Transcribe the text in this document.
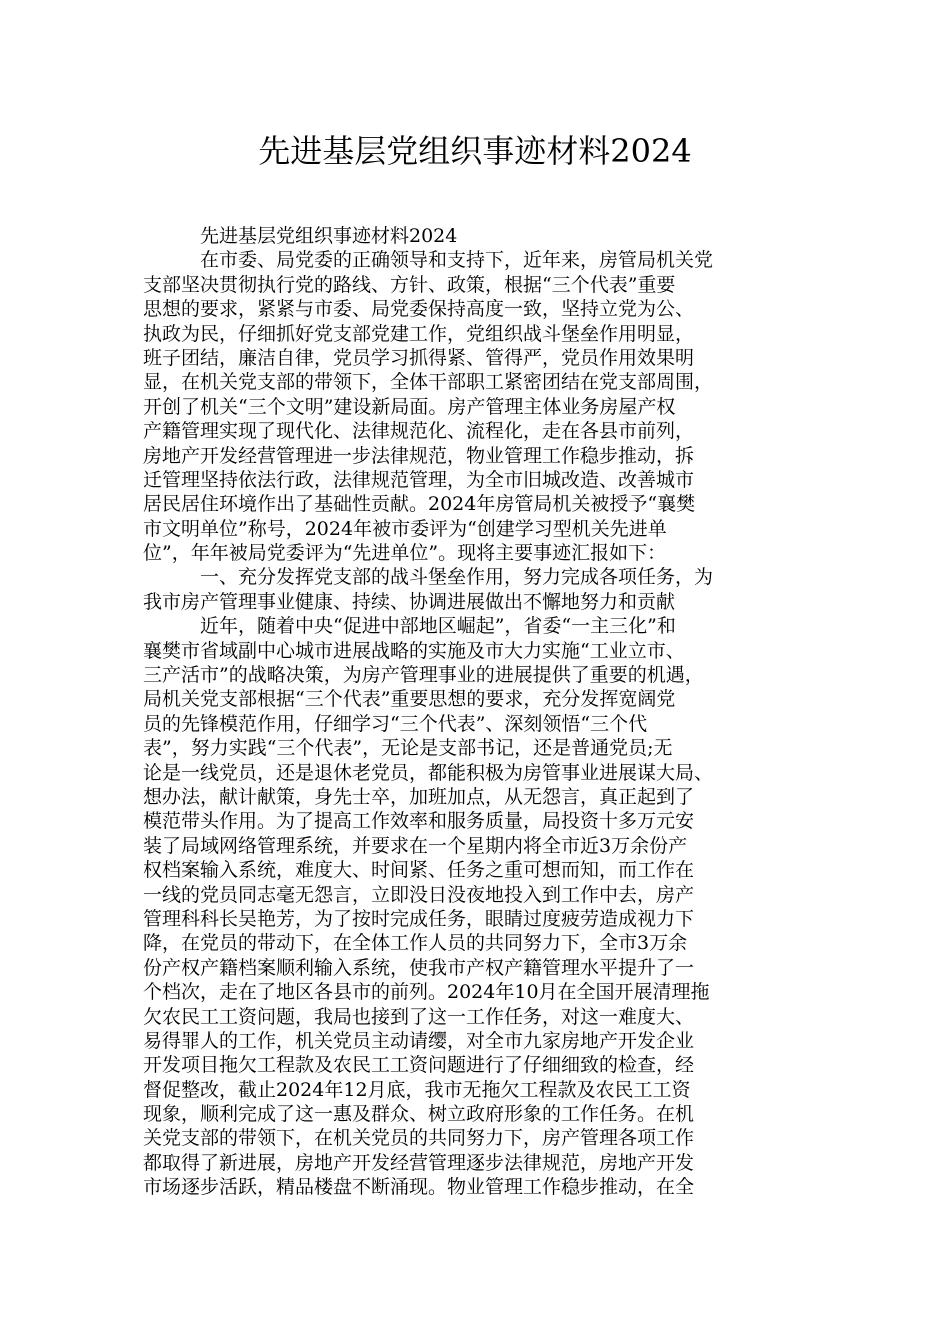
先进基层党组织事迹材料2024
先进基层党组织事迹材料2024
在市委、局党委的正确领导和支持下，近年来，房管局机关党
支部坚决贯彻执行党的路线、方针、政策，根据“三个代表”重要
思想的要求，紧紧与市委、局党委保持高度一致，坚持立党为公、
执政为民，仔细抓好党支部党建工作，党组织战斗堡垒作用明显，
班子团结，廉洁自律，党员学习抓得紧、管得严，党员作用效果明
显，在机关党支部的带领下，全体干部职工紧密团结在党支部周围，
开创了机关“三个文明”建设新局面。房产管理主体业务房屋产权
产籍管理实现了现代化、法律规范化、流程化，走在各县市前列，
房地产开发经营管理进一步法律规范，物业管理工作稳步推动，拆
迁管理坚持依法行政，法律规范管理，为全市旧城改造、改善城市
居民居住环境作出了基础性贡献。2024年房管局机关被授予“襄樊
市文明单位”称号，2024年被市委评为“创建学习型机关先进单
位”，年年被局党委评为“先进单位”。现将主要事迹汇报如下：
一、充分发挥党支部的战斗堡垒作用，努力完成各项任务，为
我市房产管理事业健康、持续、协调进展做出不懈地努力和贡献
近年，随着中央“促进中部地区崛起”，省委“一主三化”和
襄樊市省域副中心城市进展战略的实施及市大力实施“工业立市、
三产活市”的战略决策，为房产管理事业的进展提供了重要的机遇，
局机关党支部根据“三个代表”重要思想的要求，充分发挥宽阔党
员的先锋模范作用，仔细学习“三个代表”、深刻领悟“三个代
表”，努力实践“三个代表”，无论是支部书记，还是普通党员;无
论是一线党员，还是退休老党员，都能积极为房管事业进展谋大局、
想办法，献计献策，身先士卒，加班加点，从无怨言，真正起到了
模范带头作用。为了提高工作效率和服务质量，局投资十多万元安
装了局域网络管理系统，并要求在一个星期内将全市近3万余份产
权档案输入系统，难度大、时间紧、任务之重可想而知，而工作在
一线的党员同志毫无怨言，立即没日没夜地投入到工作中去，房产
管理科科长吴艳芳，为了按时完成任务，眼睛过度疲劳造成视力下
降，在党员的带动下，在全体工作人员的共同努力下，全市3万余
份产权产籍档案顺利输入系统，使我市产权产籍管理水平提升了一
个档次，走在了地区各县市的前列。2024年10月在全国开展清理拖
欠农民工工资问题，我局也接到了这一工作任务，对这一难度大、
易得罪人的工作，机关党员主动请缨，对全市九家房地产开发企业
开发项目拖欠工程款及农民工工资问题进行了仔细细致的检查，经
督促整改，截止2024年12月底，我市无拖欠工程款及农民工工资
现象，顺利完成了这一惠及群众、树立政府形象的工作任务。在机
关党支部的带领下，在机关党员的共同努力下，房产管理各项工作
都取得了新进展，房地产开发经营管理逐步法律规范，房地产开发
市场逐步活跃，精品楼盘不断涌现。物业管理工作稳步推动，在全
